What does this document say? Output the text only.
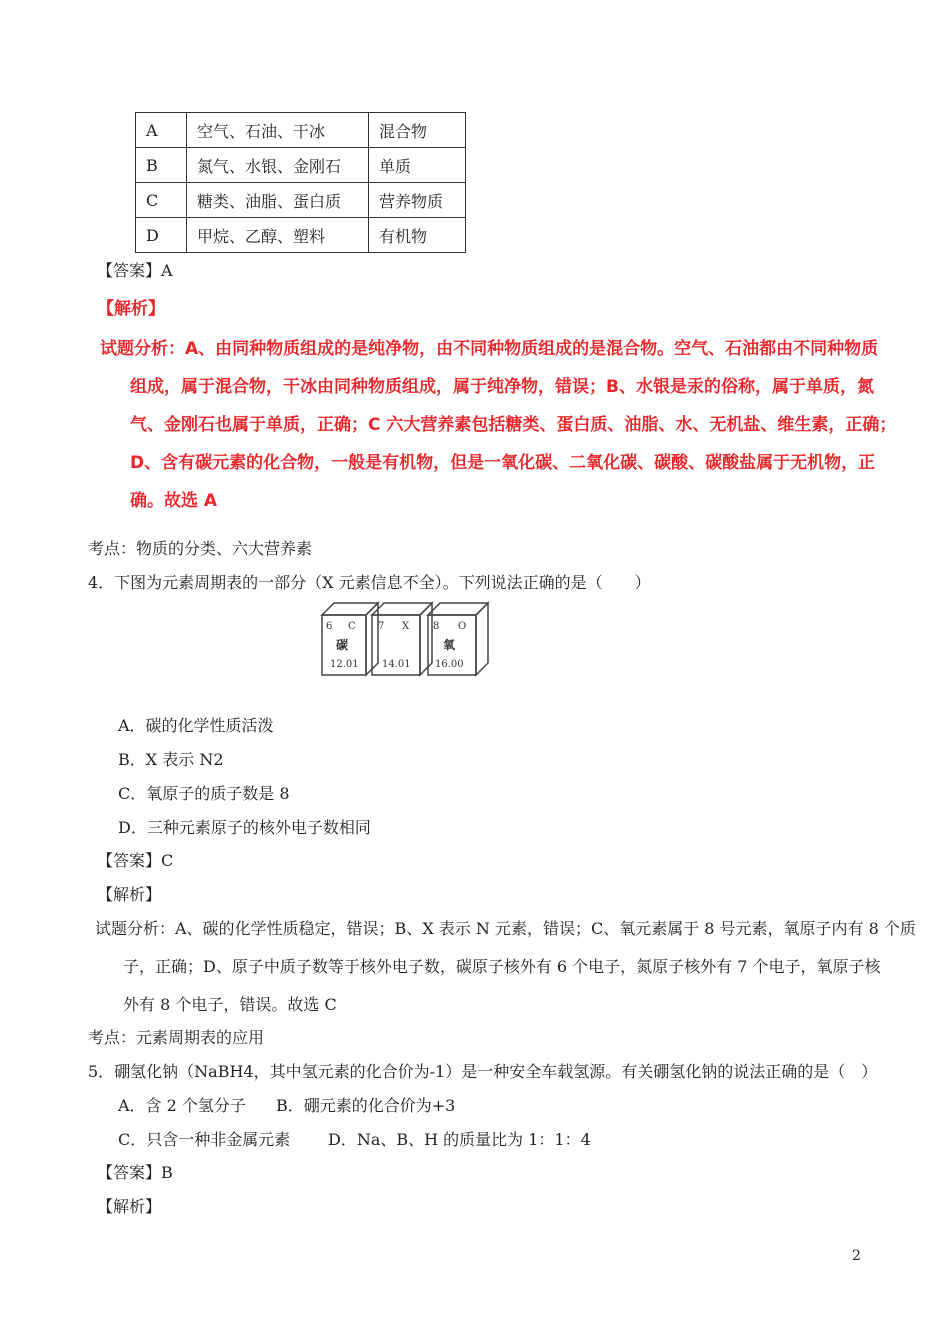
A	空气、石油、干冰	混合物
B	氮气、水银、金刚石	单质
C	糖类、油脂、蛋白质	营养物质
D	甲烷、乙醇、塑料	有机物
【答案】A
【解析】

试题分析：A、由同种物质组成的是纯净物，由不同种物质组成的是混合物。空气、石油都由不同种物质

组成，属于混合物，干冰由同种物质组成，属于纯净物，错误；B、水银是汞的俗称，属于单质，氮

气、金刚石也属于单质，正确；C 六大营养素包括糖类、蛋白质、油脂、水、无机盐、维生素，正确；

D、含有碳元素的化合物，一般是有机物，但是一氧化碳、二氧化碳、碳酸、碳酸盐属于无机物，正

确。故选 A

考点：物质的分类、六大营养素
4．下图为元素周期表的一部分（X 元素信息不全）。下列说法正确的是（　　）
6 C
碳
12.01
7 X
14.01
8 O
氧
16.00
A．碳的化学性质活泼
B．X 表示 N2
C．氧原子的质子数是 8
D．三种元素原子的核外电子数相同
【答案】C
【解析】

试题分析：A、碳的化学性质稳定，错误；B、X 表示 N 元素，错误；C、氧元素属于 8 号元素，氧原子内有 8 个质

子，正确；D、原子中质子数等于核外电子数，碳原子核外有 6 个电子，氮原子核外有 7 个电子，氧原子核

外有 8 个电子，错误。故选 C

考点：元素周期表的应用
5．硼氢化钠（NaBH4，其中氢元素的化合价为-1）是一种安全车载氢源。有关硼氢化钠的说法正确的是（　）
A．含 2 个氢分子 B．硼元素的化合价为+3
C．只含一种非金属元素 D．Na、B、H 的质量比为 1：1：4
【答案】B
【解析】
2
